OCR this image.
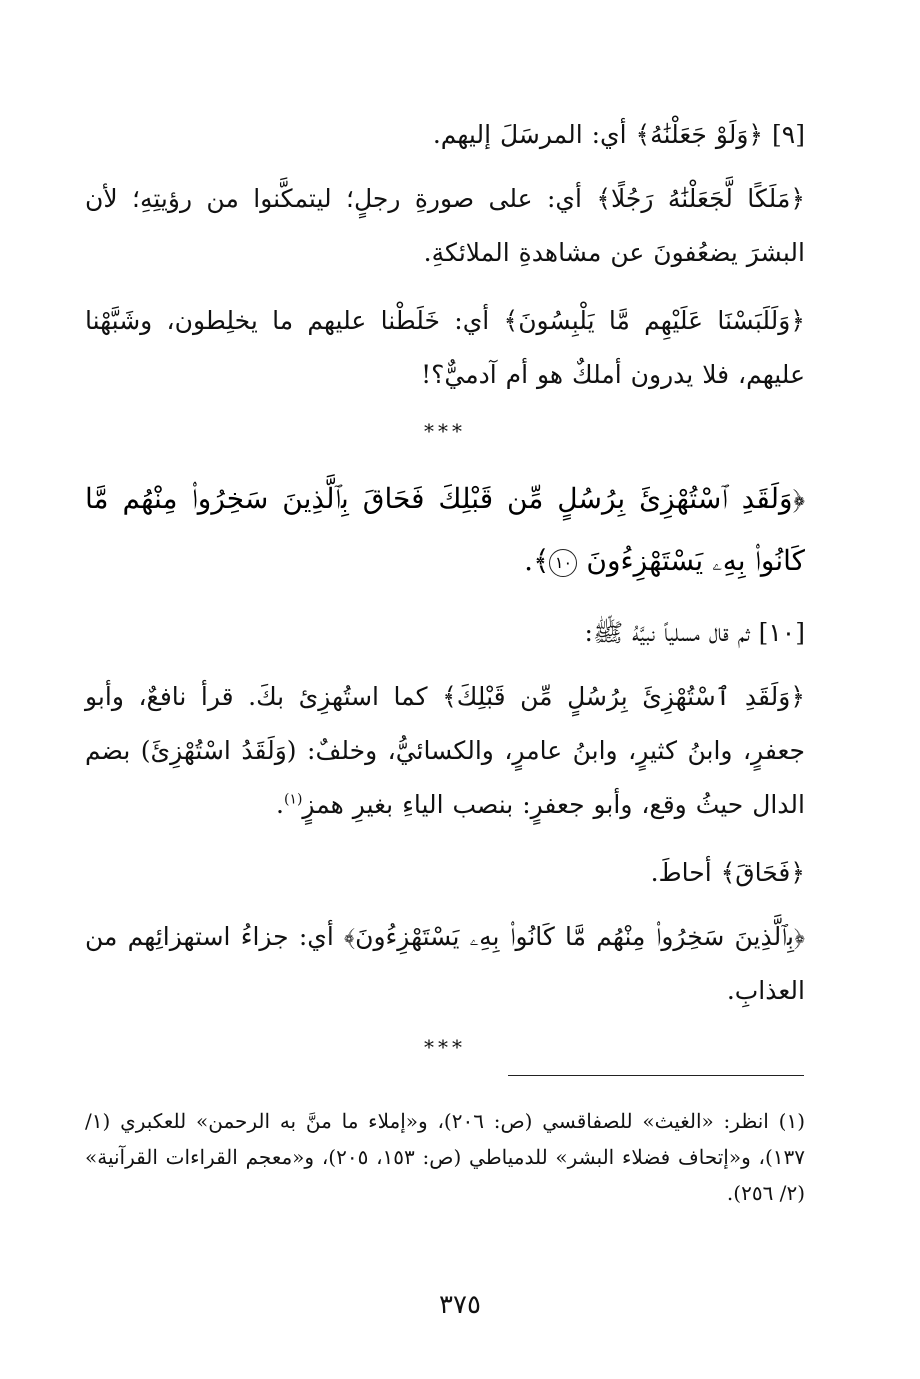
[٩] ﴿وَلَوْ جَعَلْنَٰهُ﴾ أي: المرسَلَ إليهم.

﴿مَلَكًا لَّجَعَلْنَٰهُ رَجُلًا﴾ أي: على صورةِ رجلٍ؛ ليتمكَّنوا من رؤيتِهِ؛ لأن البشرَ يضعُفونَ عن مشاهدةِ الملائكةِ.

﴿وَلَلَبَسْنَا عَلَيْهِم مَّا يَلْبِسُونَ﴾ أي: خَلَطْنا عليهم ما يخلِطون، وشَبَّهْنا عليهم، فلا يدرون أملكٌ هو أم آدميٌّ؟!

***

﴿وَلَقَدِ ٱسْتُهْزِئَ بِرُسُلٍ مِّن قَبْلِكَ فَحَاقَ بِٱلَّذِينَ سَخِرُوا۟ مِنْهُم مَّا كَانُوا۟ بِهِۦ يَسْتَهْزِءُونَ ١٠﴾.

[١٠] ثم قال مسلياً نبيَّهُ ﷺ:

﴿وَلَقَدِ ٱسْتُهْزِئَ بِرُسُلٍ مِّن قَبْلِكَ﴾ كما استُهزِئ بكَ. قرأ نافعٌ، وأبو جعفرٍ، وابنُ كثيرٍ، وابنُ عامرٍ، والكسائيُّ، وخلفٌ: (وَلَقَدُ اسْتُهْزِئَ) بضم الدال حيثُ وقع، وأبو جعفرٍ: بنصب الياءِ بغيرِ همزٍ$^{(١)}$.

﴿فَحَاقَ﴾ أحاطَ.

﴿بِٱلَّذِينَ سَخِرُوا۟ مِنْهُم مَّا كَانُوا۟ بِهِۦ يَسْتَهْزِءُونَ﴾ أي: جزاءُ استهزائِهم من العذابِ.

***
(١) انظر: «الغيث» للصفاقسي (ص: ٢٠٦)، و«إملاء ما منَّ به الرحمن» للعكبري (١/ ١٣٧)، و«إتحاف فضلاء البشر» للدمياطي (ص: ١٥٣، ٢٠٥)، و«معجم القراءات القرآنية» (٢/ ٢٥٦).
٣٧٥
